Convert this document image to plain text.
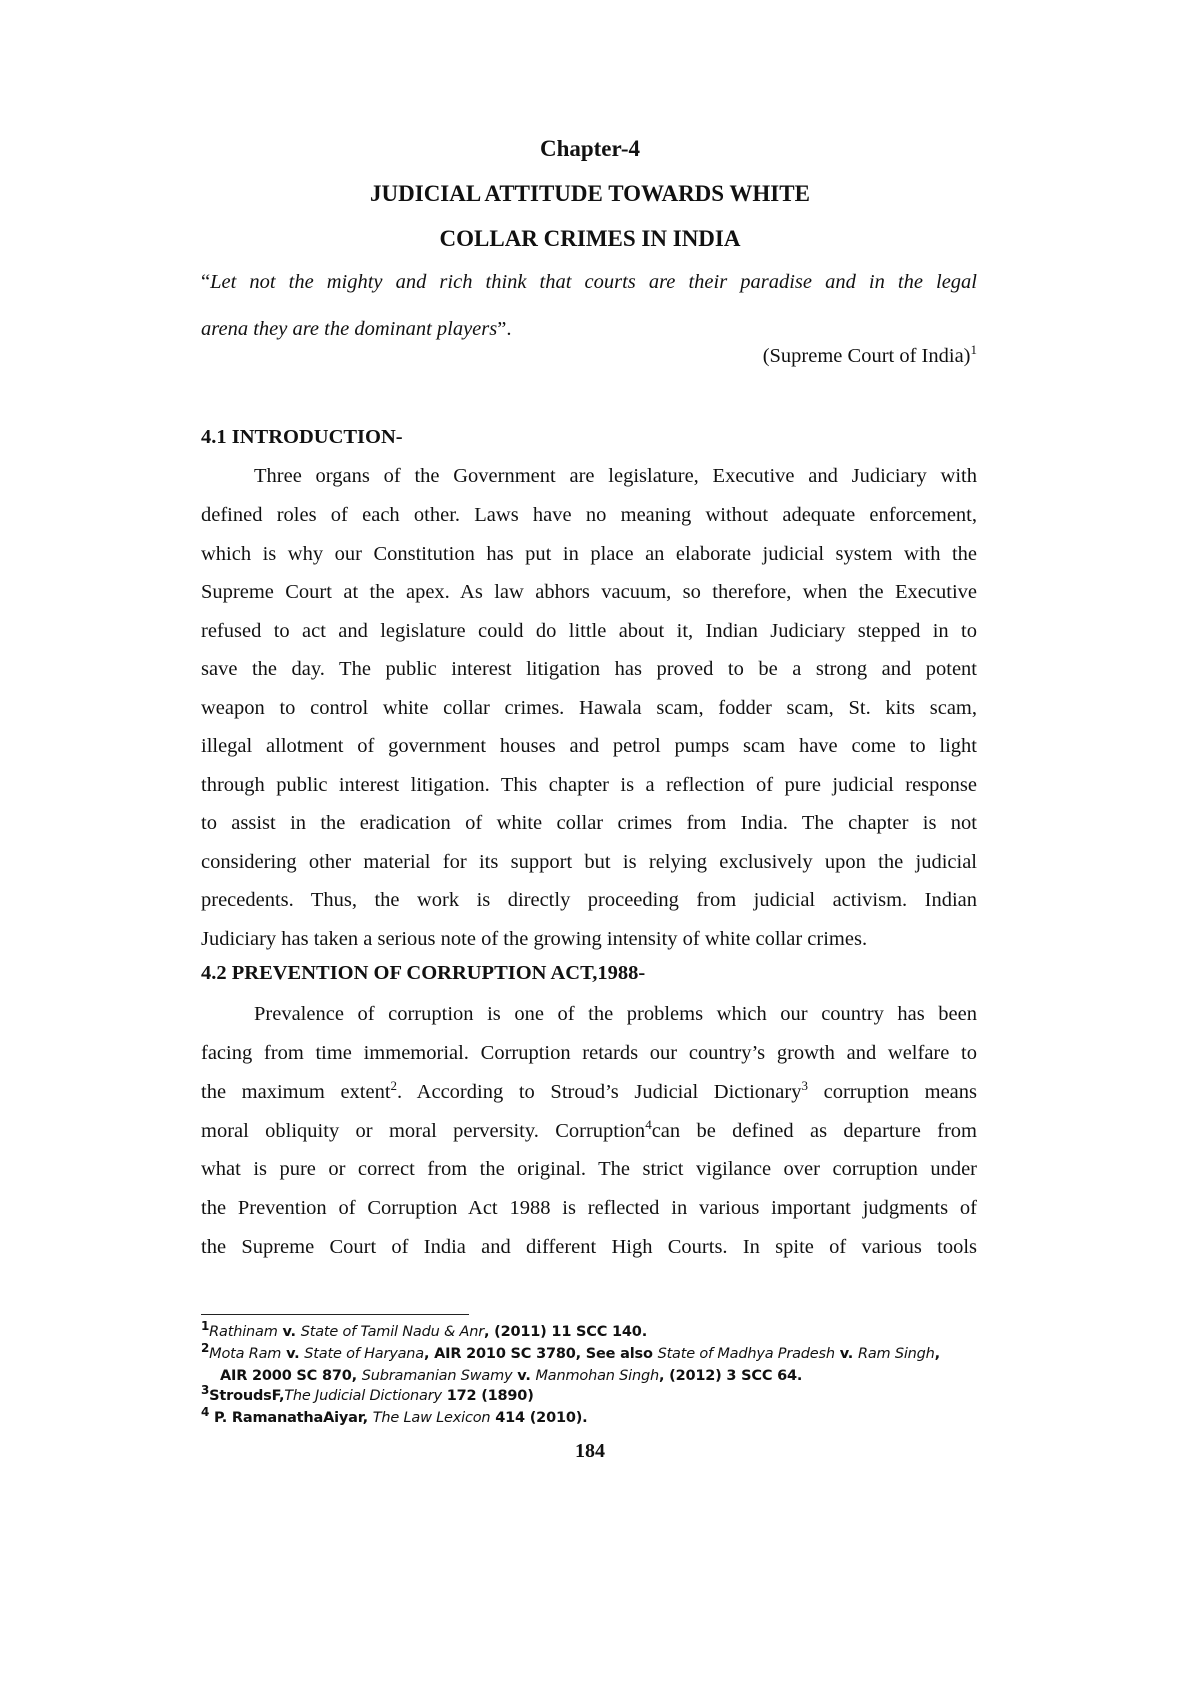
Chapter-4
JUDICIAL ATTITUDE TOWARDS WHITE
COLLAR CRIMES IN INDIA
“Let not the mighty and rich think that courts are their paradise and in the legal
arena they are the dominant players”.
(Supreme Court of India)$^1$
4.1 INTRODUCTION-
Three organs of the Government are legislature, Executive and Judiciary with
defined roles of each other. Laws have no meaning without adequate enforcement,
which is why our Constitution has put in place an elaborate judicial system with the
Supreme Court at the apex. As law abhors vacuum, so therefore, when the Executive
refused to act and legislature could do little about it, Indian Judiciary stepped in to
save the day. The public interest litigation has proved to be a strong and potent
weapon to control white collar crimes. Hawala scam, fodder scam, St. kits scam,
illegal allotment of government houses and petrol pumps scam have come to light
through public interest litigation. This chapter is a reflection of pure judicial response
to assist in the eradication of white collar crimes from India. The chapter is not
considering other material for its support but is relying exclusively upon the judicial
precedents. Thus, the work is directly proceeding from judicial activism. Indian
Judiciary has taken a serious note of the growing intensity of white collar crimes.
4.2 PREVENTION OF CORRUPTION ACT,1988-
Prevalence of corruption is one of the problems which our country has been
facing from time immemorial. Corruption retards our country’s growth and welfare to
the maximum extent$^2$. According to Stroud’s Judicial Dictionary$^3$ corruption means
moral obliquity or moral perversity. Corruption$^4$can be defined as departure from
what is pure or correct from the original. The strict vigilance over corruption under
the Prevention of Corruption Act 1988 is reflected in various important judgments of
the Supreme Court of India and different High Courts. In spite of various tools
$^1$Rathinam v. State of Tamil Nadu & Anr, (2011) 11 SCC 140.
$^2$Mota Ram v. State of Haryana, AIR 2010 SC 3780, See also State of Madhya Pradesh v. Ram Singh,
AIR 2000 SC 870, Subramanian Swamy v. Manmohan Singh, (2012) 3 SCC 64.
$^3$StroudsF,The Judicial Dictionary 172 (1890)
$^4$ P. RamanathaAiyar, The Law Lexicon 414 (2010).
184
